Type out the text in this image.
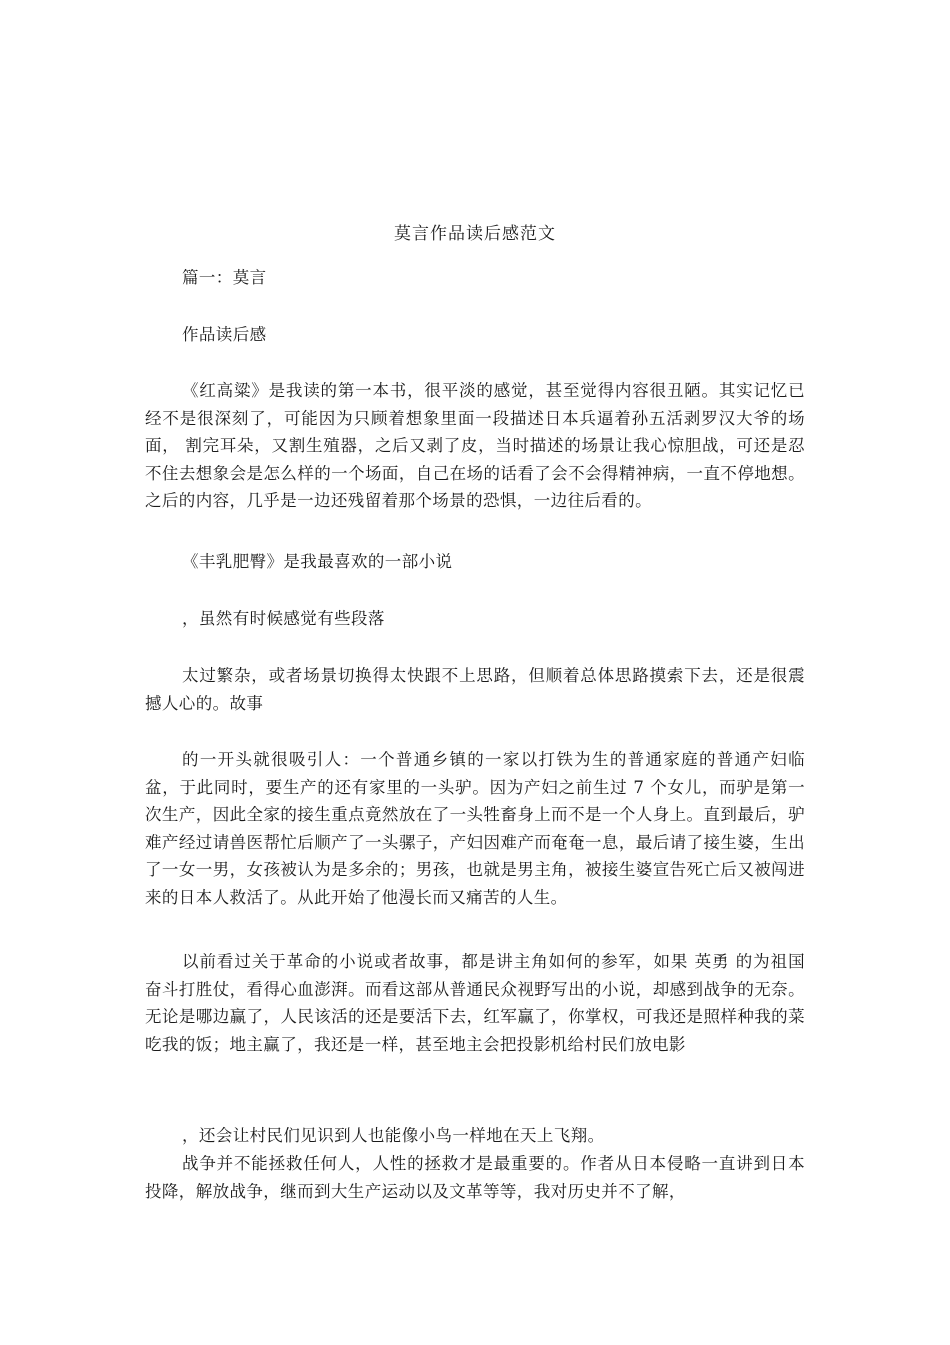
莫言作品读后感范文

篇一：莫言

作品读后感

《红高粱》是我读的第一本书，很平淡的感觉，甚至觉得内容很丑陋。其实记忆已经不是很深刻了，可能因为只顾着想象里面一段描述日本兵逼着孙五活剥罗汉大爷的场面， 割完耳朵，又割生殖器，之后又剥了皮，当时描述的场景让我心惊胆战，可还是忍不住去想象会是怎么样的一个场面，自己在场的话看了会不会得精神病，一直不停地想。之后的内容，几乎是一边还残留着那个场景的恐惧，一边往后看的。

《丰乳肥臀》是我最喜欢的一部小说

，虽然有时候感觉有些段落

太过繁杂，或者场景切换得太快跟不上思路，但顺着总体思路摸索下去，还是很震撼人心的。故事

的一开头就很吸引人：一个普通乡镇的一家以打铁为生的普通家庭的普通产妇临盆，于此同时，要生产的还有家里的一头驴。因为产妇之前生过 7 个女儿，而驴是第一次生产，因此全家的接生重点竟然放在了一头牲畜身上而不是一个人身上。直到最后，驴难产经过请兽医帮忙后顺产了一头骡子，产妇因难产而奄奄一息，最后请了接生婆，生出了一女一男，女孩被认为是多余的；男孩，也就是男主角，被接生婆宣告死亡后又被闯进来的日本人救活了。从此开始了他漫长而又痛苦的人生。

以前看过关于革命的小说或者故事，都是讲主角如何的参军，如果 英勇 的为祖国 奋斗打胜仗，看得心血澎湃。而看这部从普通民众视野写出的小说，却感到战争的无奈。无论是哪边赢了，人民该活的还是要活下去，红军赢了，你掌权，可我还是照样种我的菜吃我的饭；地主赢了，我还是一样，甚至地主会把投影机给村民们放电影

，还会让村民们见识到人也能像小鸟一样地在天上飞翔。

战争并不能拯救任何人，人性的拯救才是最重要的。作者从日本侵略一直讲到日本投降，解放战争，继而到大生产运动以及文革等等，我对历史并不了解，
